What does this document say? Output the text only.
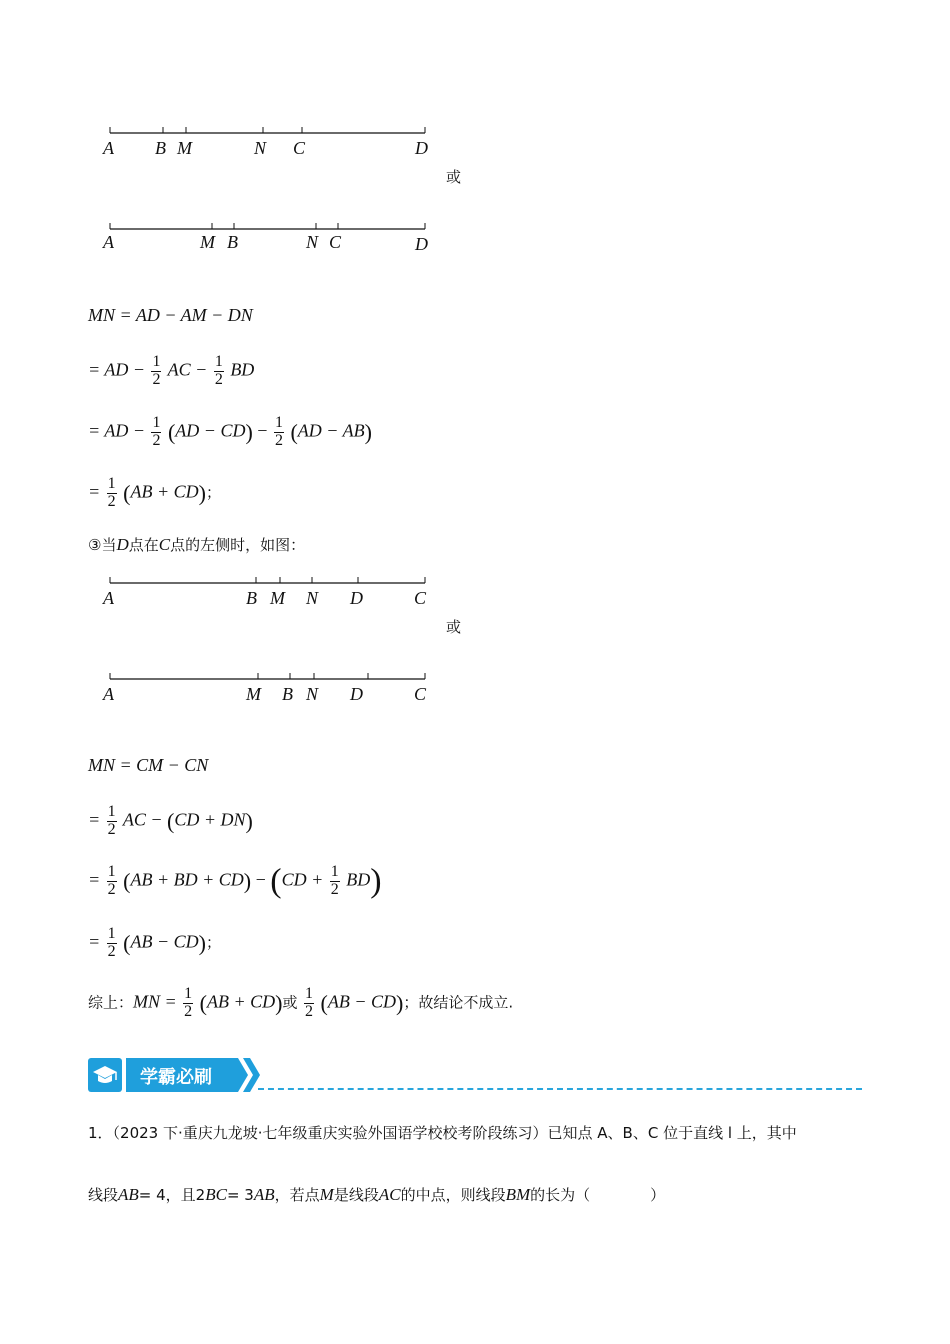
A B M	N C	D
或
A	M B	N C	D
MN = AD − AM − DN
= AD − $\frac{1}{2}$ AC − $\frac{1}{2}$ BD
= AD − $\frac{1}{2} (AD - CD) - \frac{1}{2} (AD - AB)$
= $\frac{1}{2} (AB + CD)$；
③当D点在C点的左侧时，如图：
A	B M N D	C
或
A	M B N D	C
MN = CM − CN
= $\frac{1}{2}$ AC − (CD + DN)
= $\frac{1}{2} (AB$ + BD + $CD) - (CD + \frac{1}{2} BD)$
= $\frac{1}{2} (AB - CD)$；
综上：MN = $\frac{1}{2} (AB + CD)$或 $\frac{1}{2} (AB - CD)$；故结论不成立.
学霸必刷
1．（2023 下·重庆九龙坡·七年级重庆实验外国语学校校考阶段练习）已知点 A、B、C 位于直线 l 上，其中
线段AB= 4，且2BC= 3AB，若点M是线段AC的中点，则线段BM的长为（　　　　）
